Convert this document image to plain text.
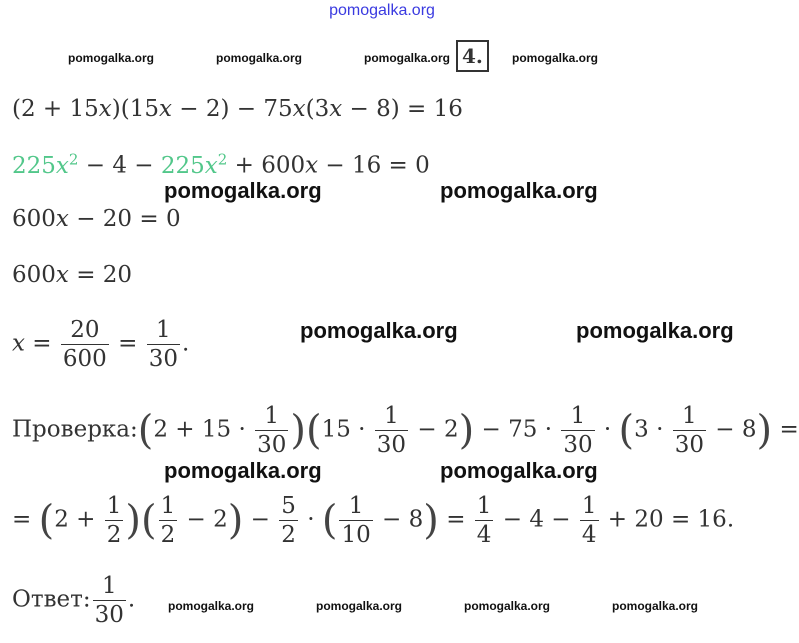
pomogalka.org
pomogalka.org	pomogalka.org	pomogalka.org 4.	pomogalka.org
(2 + 15x)(15x − 2) − 75x(3x − 8) = 16
$225x^2 - 4 - 225x^2 + 600x - 16 = 0$
pomogalka.org	pomogalka.org
600x − 20 = 0
600x = 20
$x = \frac{20}{600} = \frac{1}{30}$ .	pomogalka.org	pomogalka.org
Проверка:(2 + $15 \cdot \frac{1}{30} )(15 \cdot \frac{1}{30} - 2) - 75 \cdot \frac{1}{30} \cdot (3 \cdot \frac{1}{30} - 8)$ =
pomogalka.org	pomogalka.org
= ($2 + \frac{1}{2}$ )( $\frac{1}{2} - 2) - \frac{5}{2}$ · ( $\frac{1}{10} - 8) = \frac{1}{4} - 4 - \frac{1}{4} + 20 = 16$.
Ответ: $\frac{1}{30}$ .	pomogalka.org	pomogalka.org	pomogalka.org	pomogalka.org
